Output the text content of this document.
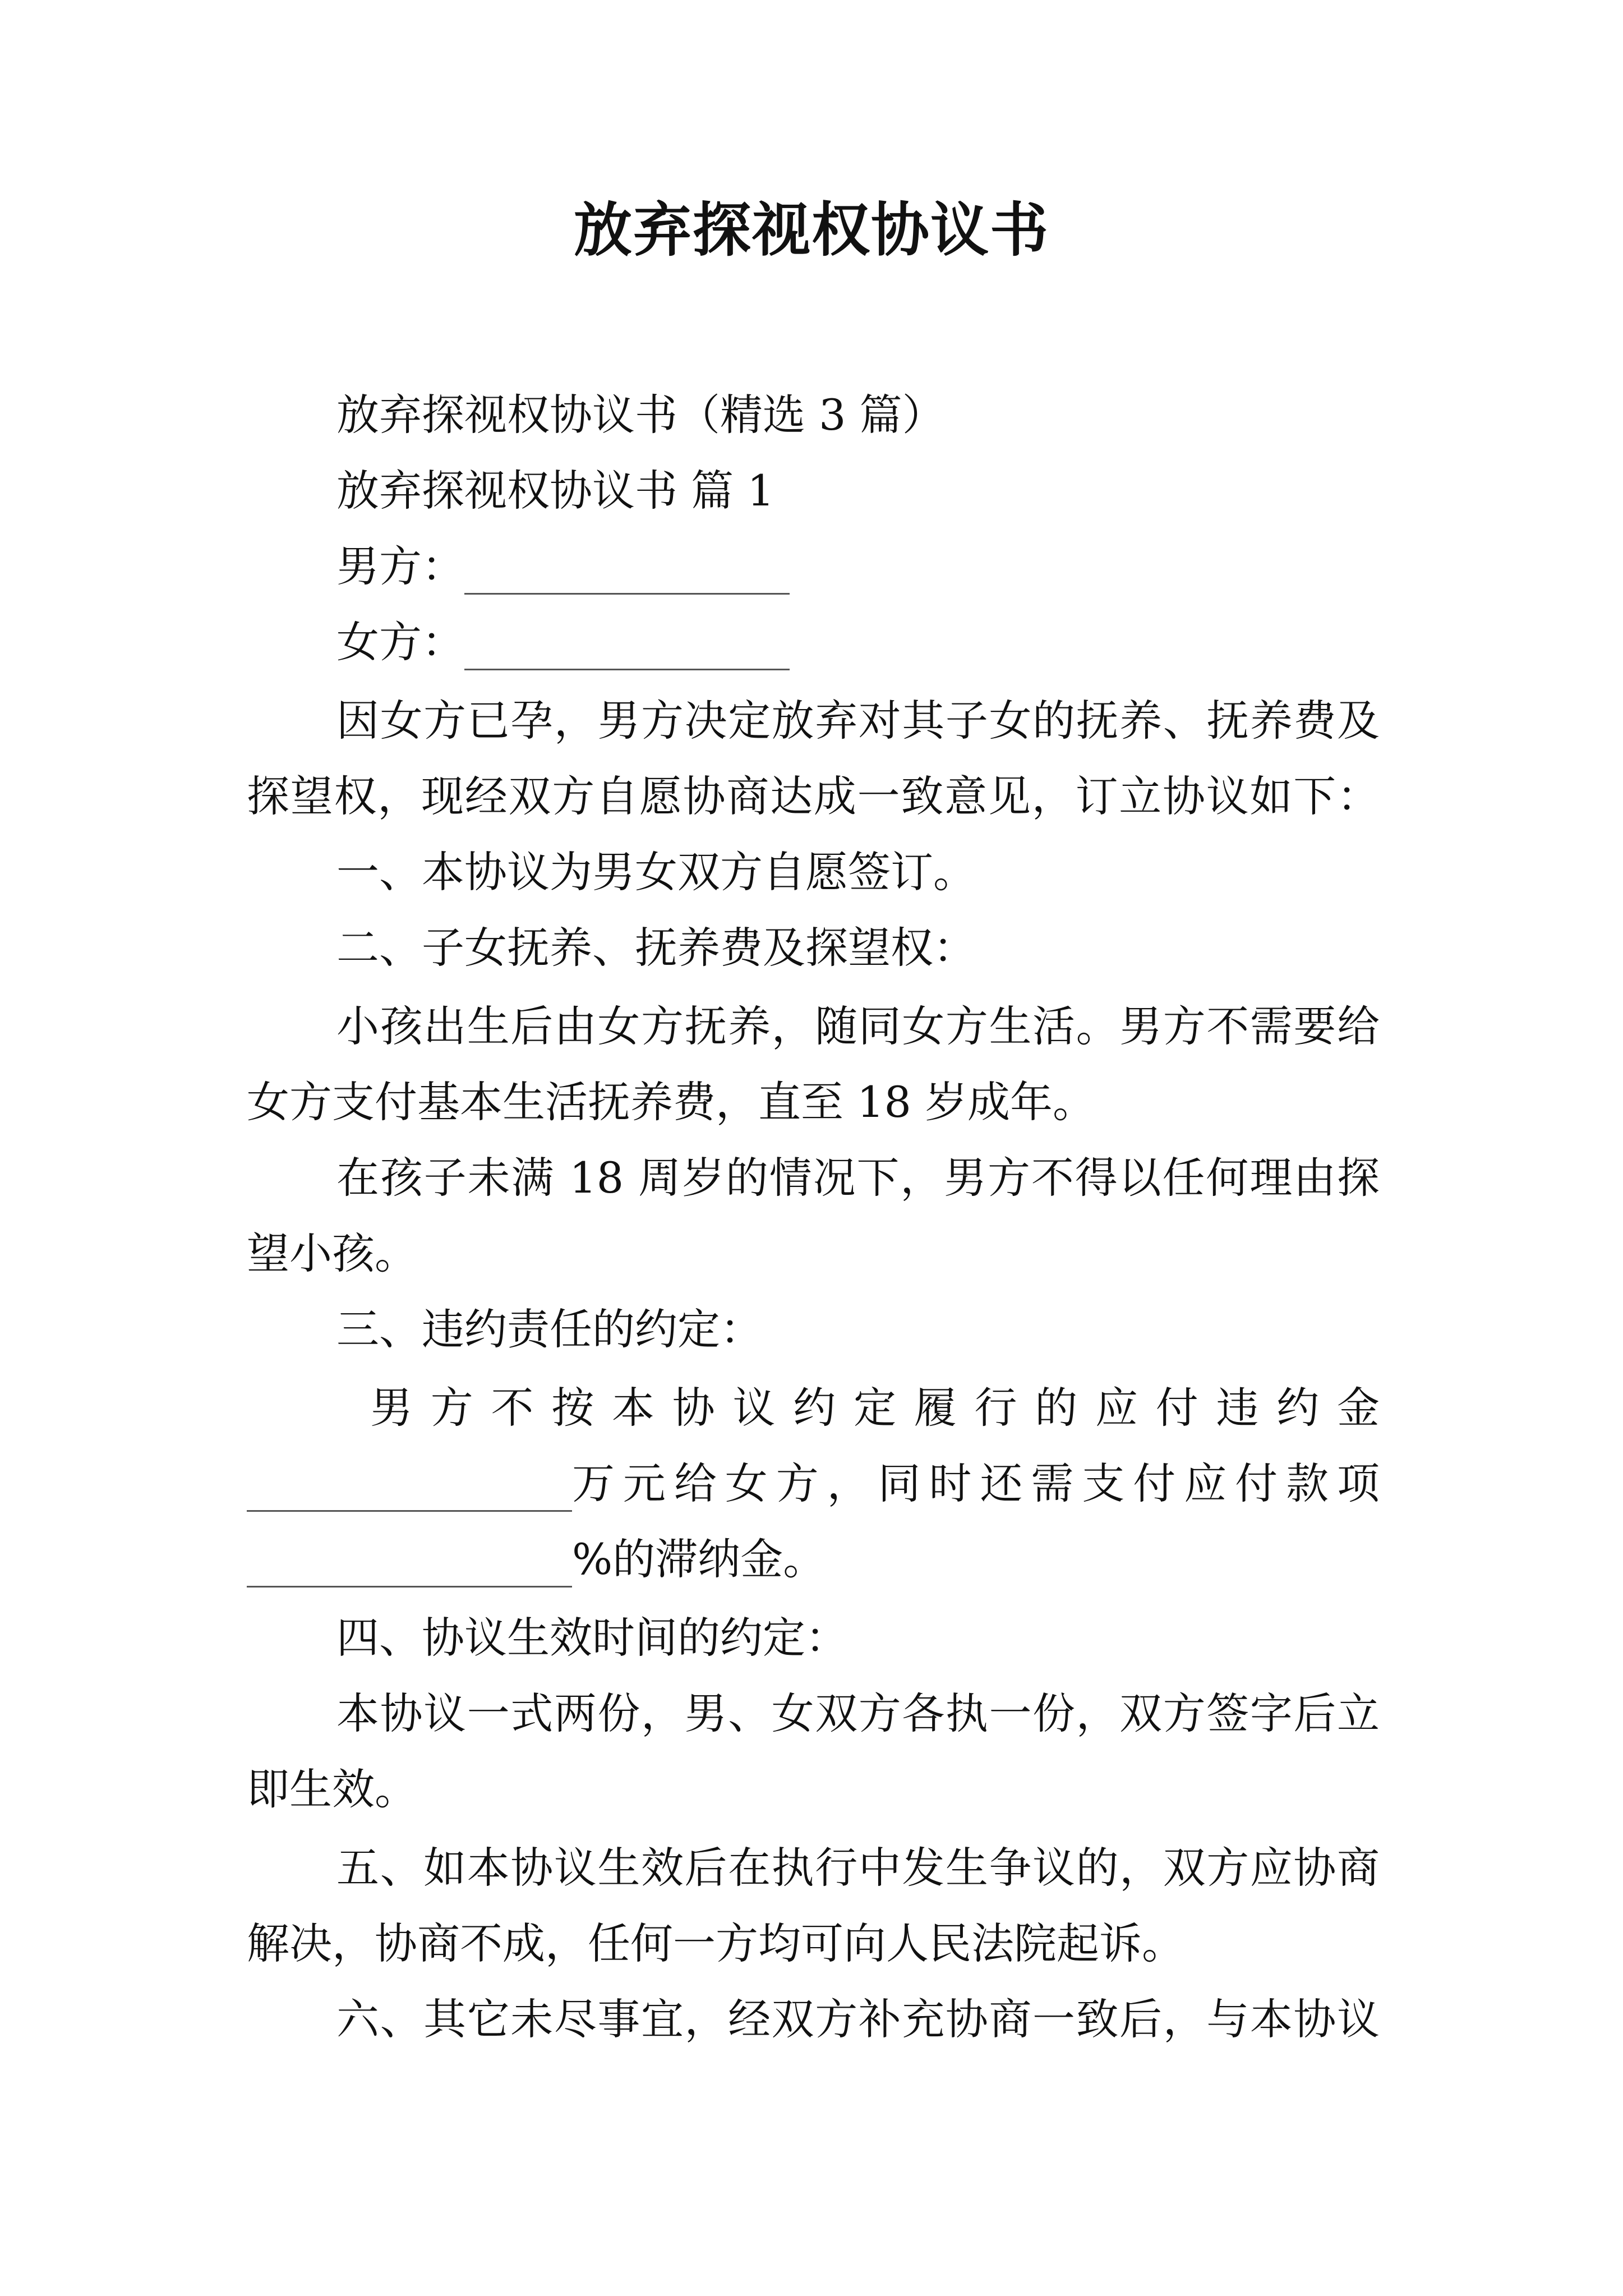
放弃探视权协议书
放弃探视权协议书（精选 3 篇）
放弃探视权协议书 篇 1
男方：
女方：
因女方已孕，男方决定放弃对其子女的抚养、抚养费及
探望权，现经双方自愿协商达成一致意见，订立协议如下：
一、本协议为男女双方自愿签订。
二、子女抚养、抚养费及探望权：
小孩出生后由女方抚养，随同女方生活。男方不需要给
女方支付基本生活抚养费，直至 18 岁成年。
在孩子未满 18 周岁的情况下，男方不得以任何理由探
望小孩。
三、违约责任的约定：
男方不按本协议约定履行的应付违约金
万元给女方，同时还需支付应付款项
%的滞纳金。
四、协议生效时间的约定：
本协议一式两份，男、女双方各执一份，双方签字后立
即生效。
五、如本协议生效后在执行中发生争议的，双方应协商
解决，协商不成，任何一方均可向人民法院起诉。
六、其它未尽事宜，经双方补充协商一致后，与本协议
